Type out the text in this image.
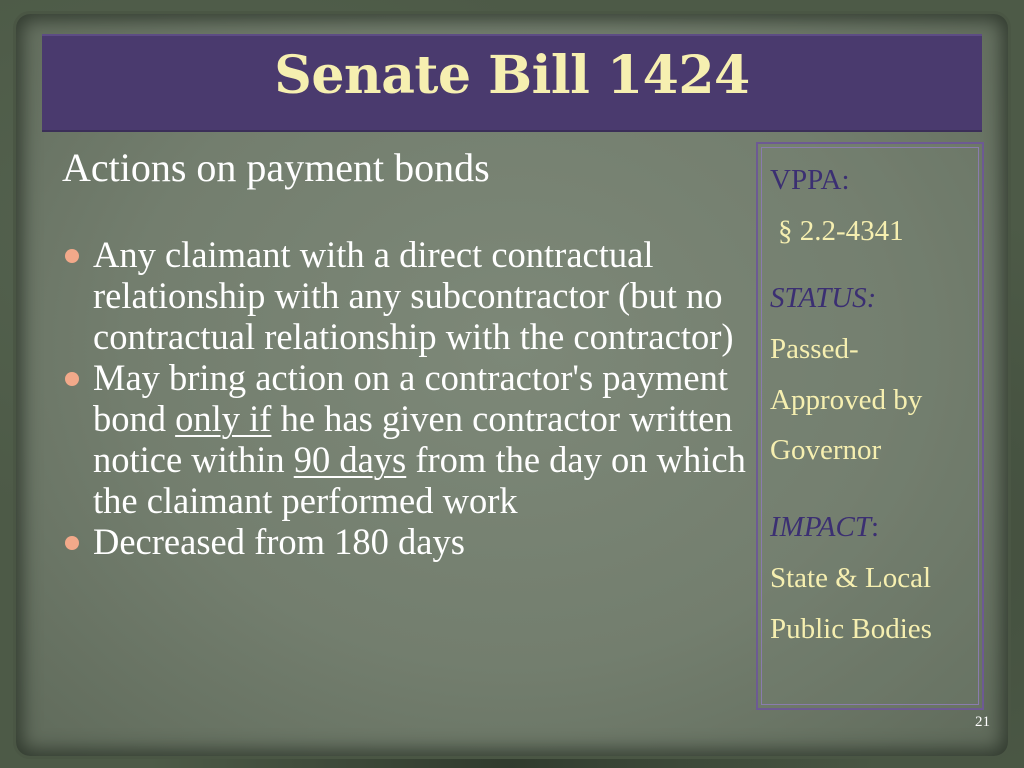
Senate Bill 1424
Actions on payment bonds
Any claimant with a direct contractual relationship with any subcontractor (but no contractual relationship with the contractor)
May bring action on a contractor's payment bond only if he has given contractor written notice within 90 days from the day on which the claimant performed work
Decreased from 180 days
VPPA:
§ 2.2-4341
STATUS:
Passed-
Approved by
Governor
IMPACT:
State & Local
Public Bodies
21
